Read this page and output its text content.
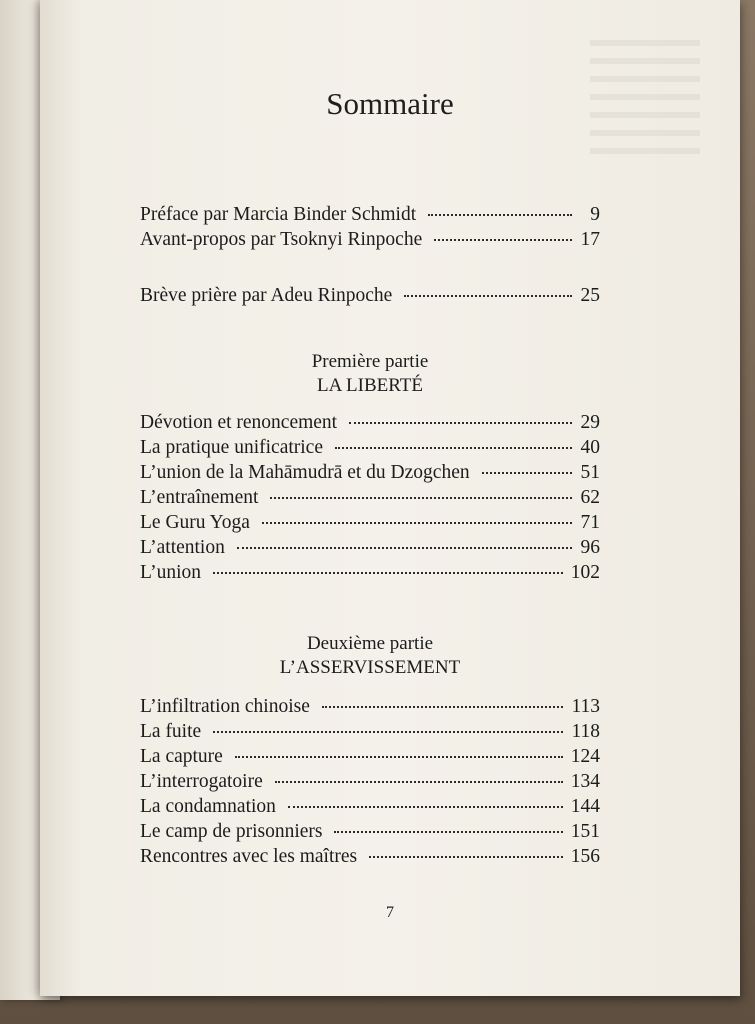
Sommaire
Préface par Marcia Binder Schmidt	9
Avant-propos par Tsoknyi Rinpoche	17
Brève prière par Adeu Rinpoche	25
Première partie
LA LIBERTÉ
Dévotion et renoncement	29
La pratique unificatrice	40
L’union de la Mahāmudrā et du Dzogchen	51
L’entraînement	62
Le Guru Yoga	71
L’attention	96
L’union	102
Deuxième partie
L’ASSERVISSEMENT
L’infiltration chinoise	113
La fuite	118
La capture	124
L’interrogatoire	134
La condamnation	144
Le camp de prisonniers	151
Rencontres avec les maîtres	156
7
